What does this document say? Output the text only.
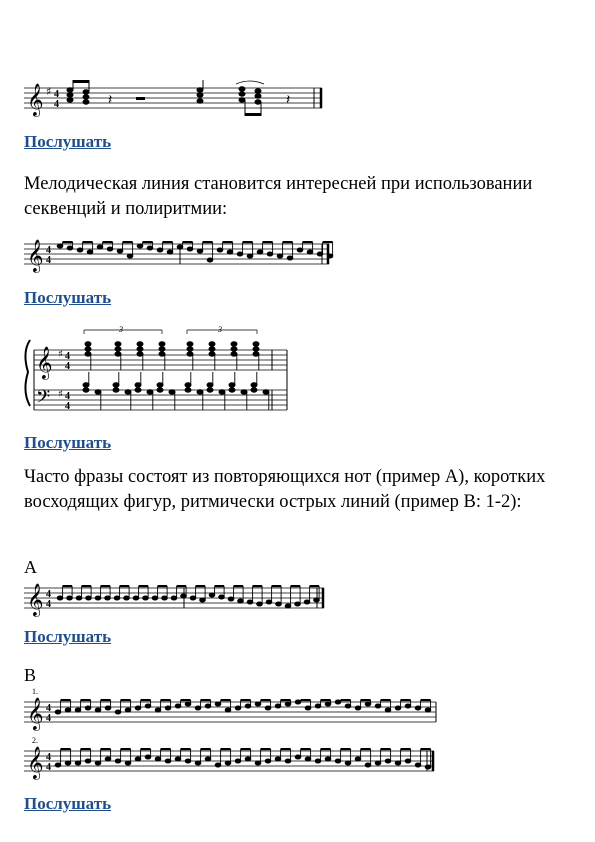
𝄞 ♯ 4
4	𝄽	𝄽
Послушать
Мелодическая линия становится интересней при использовании секвенций и полиритмии:
𝄞 4
4
Послушать
𝄞
𝄢
♯
♯
4
4
4
4
3	3
Послушать
Часто фразы состоят из повторяющихся нот (пример A), коротких восходящих фигур, ритмически острых линий (пример B: 1-2):
A
𝄞 4
4
Послушать
B
1.
𝄞 4
4
2.
𝄞 4
4
Послушать
